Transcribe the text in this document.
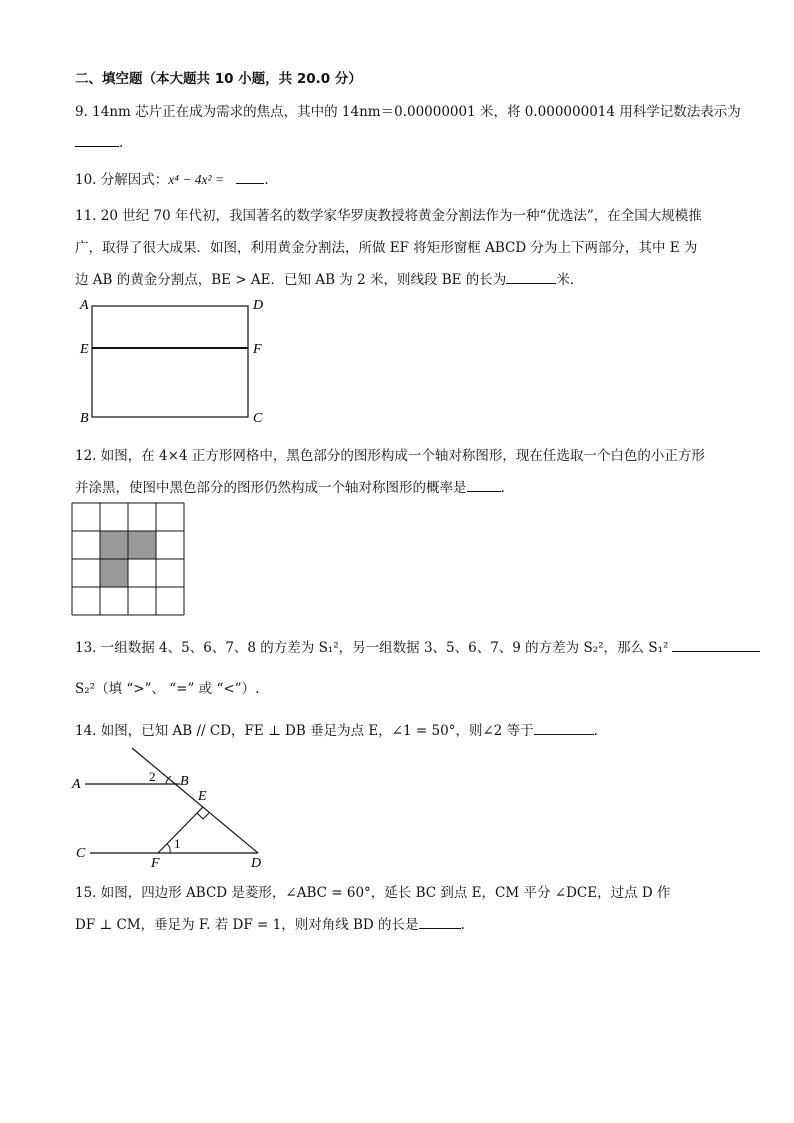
二、填空题（本大题共 10 小题，共 20.0 分）
9. 14nm 芯片正在成为需求的焦点，其中的 14nm＝0.00000001 米，将 0.000000014 用科学记数法表示为
.
10. 分解因式：x⁴ − 4x² =	.
11. 20 世纪 70 年代初，我国著名的数学家华罗庚教授将黄金分割法作为一种“优选法”，在全国大规模推
广，取得了很大成果．如图，利用黄金分割法，所做 EF 将矩形窗框 ABCD 分为上下两部分，其中 E 为
边 AB 的黄金分割点，BE > AE．已知 AB 为 2 米，则线段 BE 的长为	米．
A	D
E	F
B	C
12. 如图，在 4×4 正方形网格中，黑色部分的图形构成一个轴对称图形，现在任选取一个白色的小正方形
并涂黑，使图中黑色部分的图形仍然构成一个轴对称图形的概率是	.
13. 一组数据 4、5、6、7、8 的方差为 S₁²，另一组数据 3、5、6、7、9 的方差为 S₂²，那么 S₁²
S₂²（填 “>”、 “=” 或 “<”）.
14. 如图，已知 AB // CD，FE ⊥ DB 垂足为点 E，∠1 = 50°，则∠2 等于	.
A	B
E
C
F	D
2
1
15. 如图，四边形 ABCD 是菱形，∠ABC = 60°，延长 BC 到点 E，CM 平分 ∠DCE，过点 D 作
DF ⊥ CM，垂足为 F. 若 DF = 1，则对角线 BD 的长是	.
